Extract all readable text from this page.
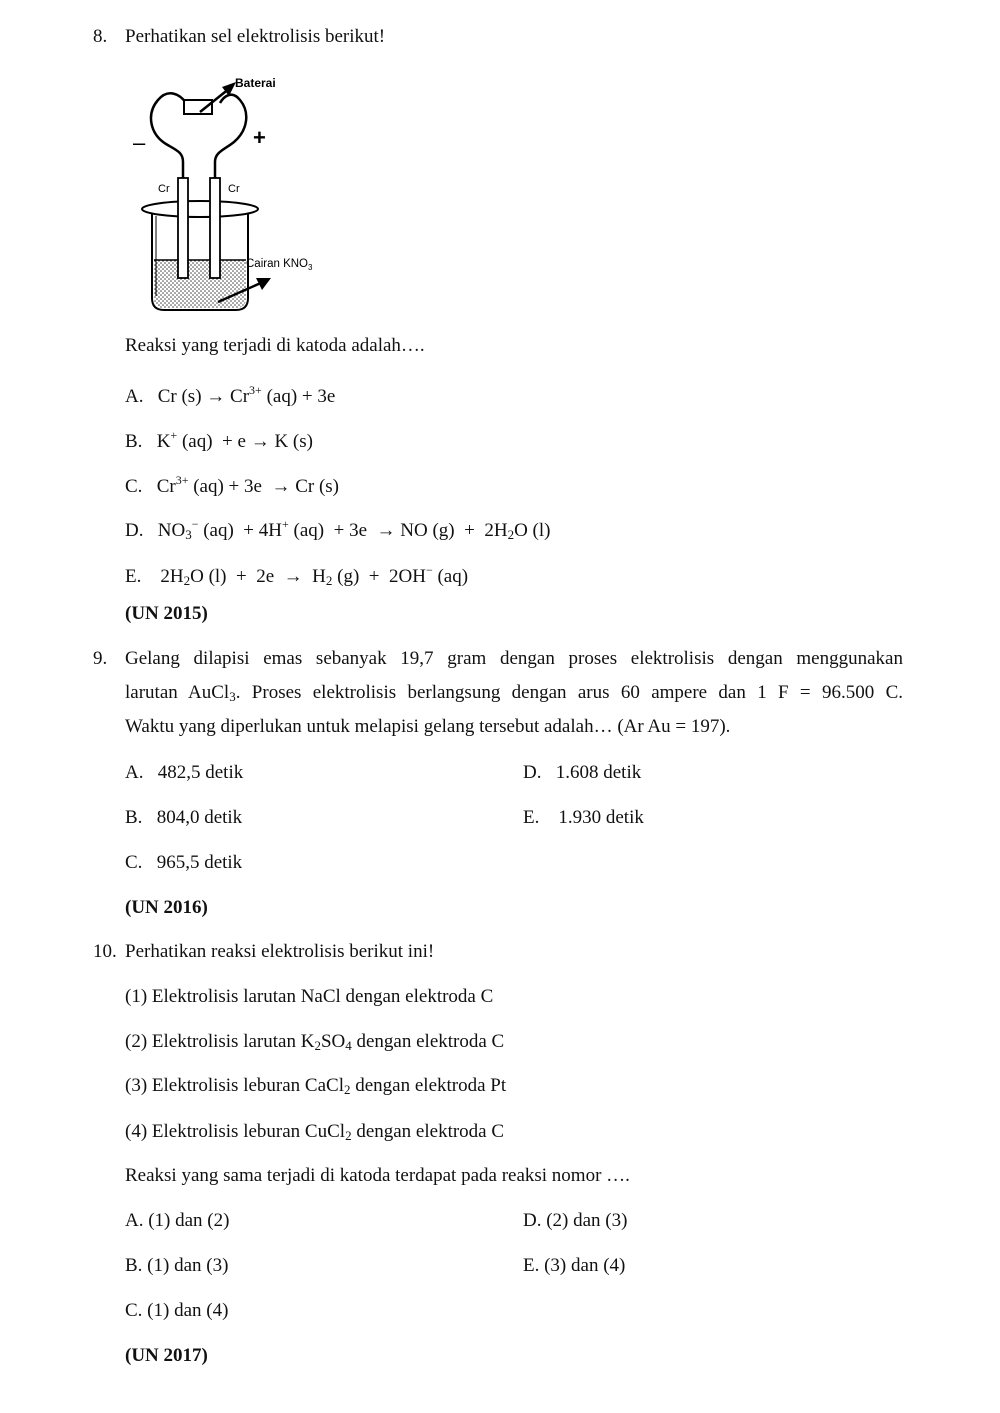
8. Perhatikan sel elektrolisis berikut!
Baterai
–	+
Cr	Cr
Cairan $KNO_3$
Reaksi yang terjadi di katoda adalah….
A. Cr $(s) \to Cr^{3+}$ (aq) + 3e
B. K+ (aq)  + e → K (s)
C. $Cr^{3+}$ (aq) + 3e  → Cr (s)
D. $NO_3^-$ (aq)  + 4H+ (aq)  + 3e  → NO $(g) + 2H_2O$ (l)
E. $2H_2O$ $(l) + 2e \to H_2$ (g)  +  2OH− (aq)
(UN 2015)
9. Gelang dilapisi emas sebanyak 19,7 gram dengan proses elektrolisis dengan menggunakan
larutan AuCl$_3$. Proses elektrolisis berlangsung dengan arus 60 ampere dan 1 F = 96.500 C.
Waktu yang diperlukan untuk melapisi gelang tersebut adalah… (Ar Au = 197).
A. 482,5 detik	D. 1.608 detik
B. 804,0 detik	E. 1.930 detik
C. 965,5 detik
(UN 2016)
10. Perhatikan reaksi elektrolisis berikut ini!
(1) Elektrolisis larutan NaCl dengan elektroda C
(2) Elektrolisis larutan $K_2SO_4$ dengan elektroda C
(3) Elektrolisis leburan CaCl$_2$ dengan elektroda Pt
(4) Elektrolisis leburan CuCl$_2$ dengan elektroda C
Reaksi yang sama terjadi di katoda terdapat pada reaksi nomor ….
A. (1) dan (2)	D. (2) dan (3)
B. (1) dan (3)	E. (3) dan (4)
C. (1) dan (4)
(UN 2017)
